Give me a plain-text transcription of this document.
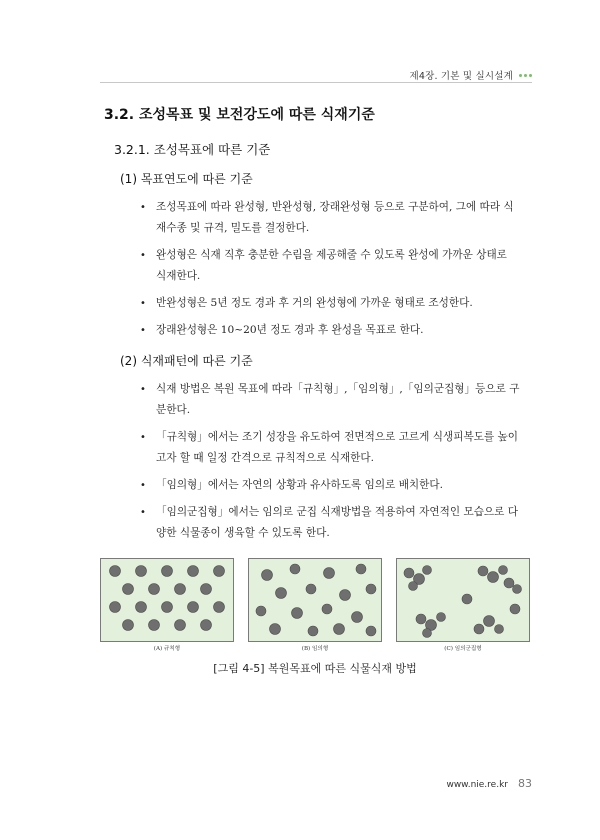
제4장. 기본 및 실시설계
3.2. 조성목표 및 보전강도에 따른 식재기준
3.2.1. 조성목표에 따른 기준
(1) 목표연도에 따른 기준
• 조성목표에 따라 완성형, 반완성형, 장래완성형 등으로 구분하여, 그에 따라 식재수종 및 규격, 밀도를 결정한다.
• 완성형은 식재 직후 충분한 수림을 제공해줄 수 있도록 완성에 가까운 상태로 식재한다.
• 반완성형은 5년 정도 경과 후 거의 완성형에 가까운 형태로 조성한다.
• 장래완성형은 10~20년 정도 경과 후 완성을 목표로 한다.
(2) 식재패턴에 따른 기준
• 식재 방법은 복원 목표에 따라「규칙형」,「임의형」,「임의군집형」등으로 구분한다.
• 「규칙형」에서는 조기 성장을 유도하여 전면적으로 고르게 식생피복도를 높이고자 할 때 일정 간격으로 규칙적으로 식재한다.
• 「임의형」에서는 자연의 상황과 유사하도록 임의로 배치한다.
• 「임의군집형」에서는 임의로 군집 식재방법을 적용하여 자연적인 모습으로 다양한 식물종이 생육할 수 있도록 한다.
(A) 규칙형	(B) 임의형	(C) 임의군집형
[그림 4-5] 복원목표에 따른 식물식재 방법
www.nie.re.kr 83
